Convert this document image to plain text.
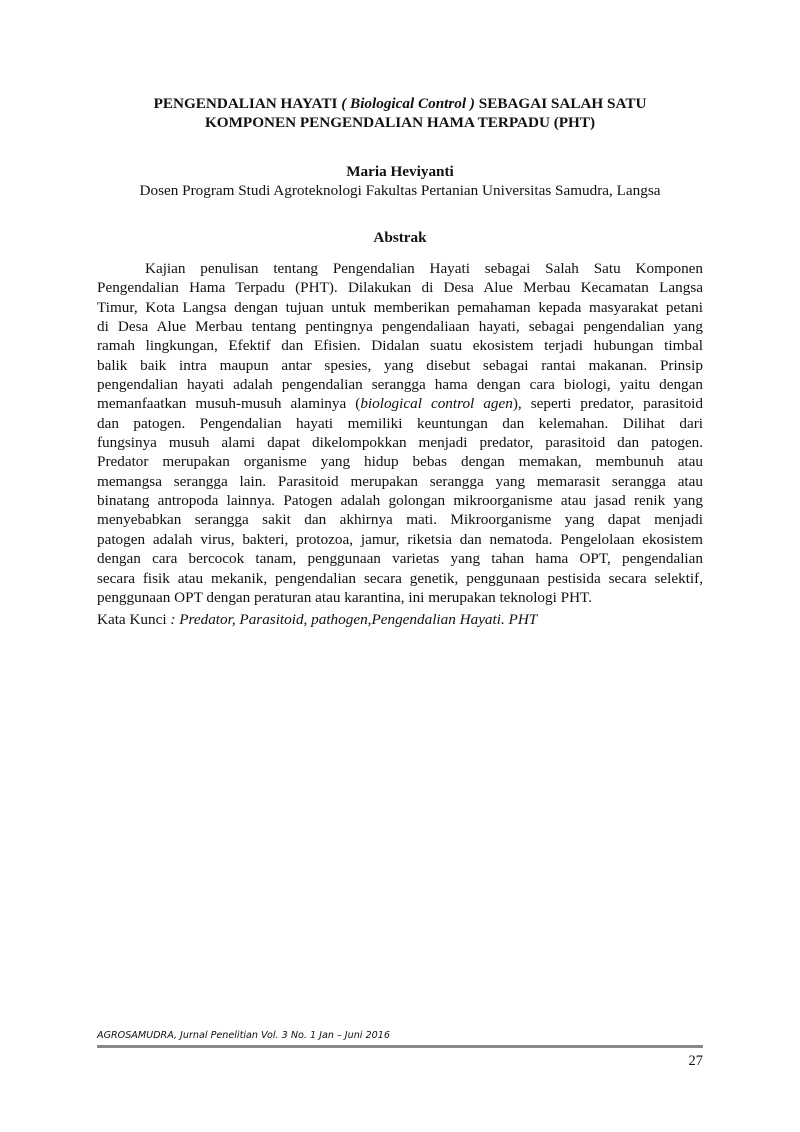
PENGENDALIAN HAYATI ( Biological Control ) SEBAGAI SALAH SATU
KOMPONEN PENGENDALIAN HAMA TERPADU (PHT)
Maria Heviyanti
Dosen Program Studi Agroteknologi Fakultas Pertanian Universitas Samudra, Langsa
Abstrak
Kajian penulisan tentang Pengendalian Hayati sebagai Salah Satu Komponen
Pengendalian Hama Terpadu (PHT). Dilakukan di Desa Alue Merbau Kecamatan Langsa
Timur, Kota Langsa dengan tujuan untuk memberikan pemahaman kepada masyarakat petani
di Desa Alue Merbau tentang pentingnya pengendaliaan hayati, sebagai pengendalian yang
ramah lingkungan, Efektif dan Efisien. Didalan suatu ekosistem terjadi hubungan timbal
balik baik intra maupun antar spesies, yang disebut sebagai rantai makanan. Prinsip
pengendalian hayati adalah pengendalian serangga hama dengan cara biologi, yaitu dengan
memanfaatkan musuh-musuh alaminya (biological control agen), seperti predator, parasitoid
dan patogen. Pengendalian hayati memiliki keuntungan dan kelemahan. Dilihat dari
fungsinya musuh alami dapat dikelompokkan menjadi predator, parasitoid dan patogen.
Predator merupakan organisme yang hidup bebas dengan memakan, membunuh atau
memangsa serangga lain. Parasitoid merupakan serangga yang memarasit serangga atau
binatang antropoda lainnya. Patogen adalah golongan mikroorganisme atau jasad renik yang
menyebabkan serangga sakit dan akhirnya mati. Mikroorganisme yang dapat menjadi
patogen adalah virus, bakteri, protozoa, jamur, riketsia dan nematoda. Pengelolaan ekosistem
dengan cara bercocok tanam, penggunaan varietas yang tahan hama OPT, pengendalian
secara fisik atau mekanik, pengendalian secara genetik, penggunaan pestisida secara selektif,
penggunaan OPT dengan peraturan atau karantina, ini merupakan teknologi PHT.
Kata Kunci : Predator, Parasitoid, pathogen,Pengendalian Hayati. PHT
AGROSAMUDRA, Jurnal Penelitian Vol. 3 No. 1 Jan – Juni 2016
27
